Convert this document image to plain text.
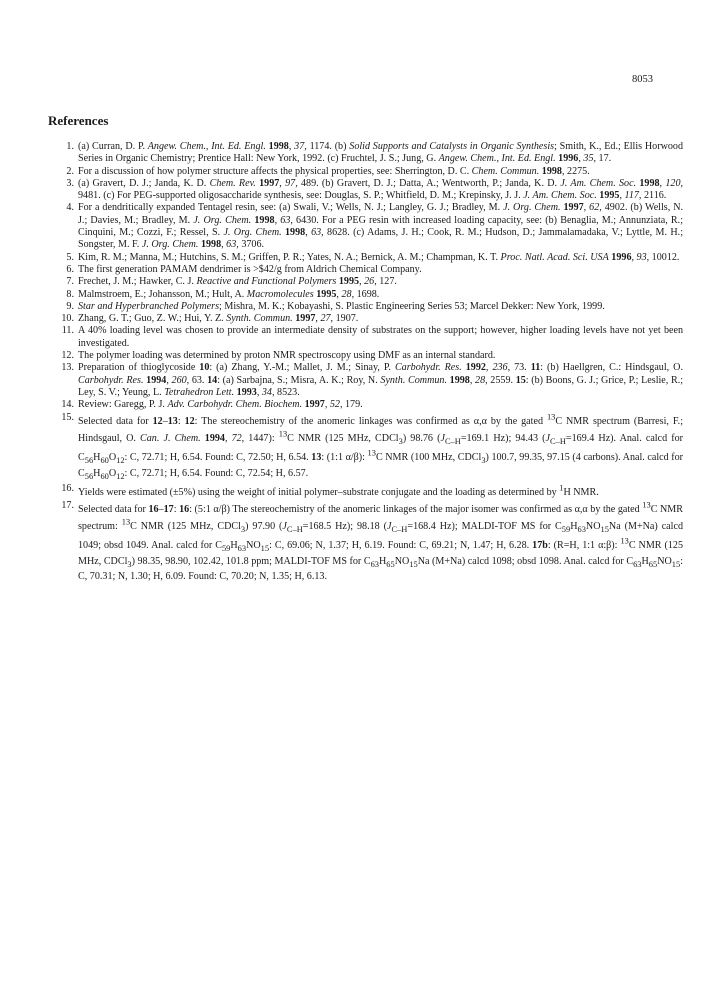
8053
References
1. (a) Curran, D. P. Angew. Chem., Int. Ed. Engl. 1998, 37, 1174. (b) Solid Supports and Catalysts in Organic Synthesis; Smith, K., Ed.; Ellis Horwood Series in Organic Chemistry; Prentice Hall: New York, 1992. (c) Fruchtel, J. S.; Jung, G. Angew. Chem., Int. Ed. Engl. 1996, 35, 17.
2. For a discussion of how polymer structure affects the physical properties, see: Sherrington, D. C. Chem. Commun. 1998, 2275.
3. (a) Gravert, D. J.; Janda, K. D. Chem. Rev. 1997, 97, 489. (b) Gravert, D. J.; Datta, A.; Wentworth, P.; Janda, K. D. J. Am. Chem. Soc. 1998, 120, 9481. (c) For PEG-supported oligosaccharide synthesis, see: Douglas, S. P.; Whitfield, D. M.; Krepinsky, J. J. J. Am. Chem. Soc. 1995, 117, 2116.
4. For a dendritically expanded Tentagel resin, see: (a) Swali, V.; Wells, N. J.; Langley, G. J.; Bradley, M. J. Org. Chem. 1997, 62, 4902. (b) Wells, N. J.; Davies, M.; Bradley, M. J. Org. Chem. 1998, 63, 6430. For a PEG resin with increased loading capacity, see: (b) Benaglia, M.; Annunziata, R.; Cinquini, M.; Cozzi, F.; Ressel, S. J. Org. Chem. 1998, 63, 8628. (c) Adams, J. H.; Cook, R. M.; Hudson, D.; Jammalamadaka, V.; Lyttle, M. H.; Songster, M. F. J. Org. Chem. 1998, 63, 3706.
5. Kim, R. M.; Manna, M.; Hutchins, S. M.; Griffen, P. R.; Yates, N. A.; Bernick, A. M.; Champman, K. T. Proc. Natl. Acad. Sci. USA 1996, 93, 10012.
6. The first generation PAMAM dendrimer is >$42/g from Aldrich Chemical Company.
7. Frechet, J. M.; Hawker, C. J. Reactive and Functional Polymers 1995, 26, 127.
8. Malmstroem, E.; Johansson, M.; Hult, A. Macromolecules 1995, 28, 1698.
9. Star and Hyperbranched Polymers; Mishra, M. K.; Kobayashi, S. Plastic Engineering Series 53; Marcel Dekker: New York, 1999.
10. Zhang, G. T.; Guo, Z. W.; Hui, Y. Z. Synth. Commun. 1997, 27, 1907.
11. A 40% loading level was chosen to provide an intermediate density of substrates on the support; however, higher loading levels have not yet been investigated.
12. The polymer loading was determined by proton NMR spectroscopy using DMF as an internal standard.
13. Preparation of thioglycoside 10: (a) Zhang, Y.-M.; Mallet, J. M.; Sinay, P. Carbohydr. Res. 1992, 236, 73. 11: (b) Haellgren, C.: Hindsgaul, O. Carbohydr. Res. 1994, 260, 63. 14: (a) Sarbajna, S.; Misra, A. K.; Roy, N. Synth. Commun. 1998, 28, 2559. 15: (b) Boons, G. J.; Grice, P.; Leslie, R.; Ley, S. V.; Yeung, L. Tetrahedron Lett. 1993, 34, 8523.
14. Review: Garegg, P. J. Adv. Carbohydr. Chem. Biochem. 1997, 52, 179.
15. Selected data for 12–13: 12: The stereochemistry of the anomeric linkages was confirmed as α,α by the gated $^{13}$C NMR spectrum (Barresi, F.; Hindsgaul, O. Can. J. Chem. 1994, 72, 1447): $^{13}$C NMR (125 MHz, CDCl$_3$) 98.76 ($J_{C-H}=169.1$ Hz); 94.43 ($J_{C-H}=169.4$ Hz). Anal. calcd for $C_{56}H_{60}O_{12}$: C, 72.71; H, 6.54. Found: C, 72.50; H, 6.54. 13: (1:1 α/β): $^{13}$C NMR (100 MHz, CDCl$_3$) 100.7, 99.35, 97.15 (4 carbons). Anal. calcd for $C_{56}H_{60}O_{12}$: C, 72.71; H, 6.54. Found: C, 72.54; H, 6.57.
16. Yields were estimated (±5%) using the weight of initial polymer–substrate conjugate and the loading as determined by $^1$H NMR.
17. Selected data for 16–17: 16: (5:1 α/β) The stereochemistry of the anomeric linkages of the major isomer was confirmed as α,α by the gated $^{13}$C NMR spectrum: $^{13}$C NMR (125 MHz, CDCl$_3$) 97.90 ($J_{C-H}=168.5$ Hz); 98.18 ($J_{C-H}=168.4$ Hz); MALDI-TOF MS for $C_{59}H_{63}NO_{15}Na$ (M+Na) calcd 1049; obsd 1049. Anal. calcd for $C_{59}H_{63}NO_{15}$: C, 69.06; N, 1.37; H, 6.19. Found: C, 69.21; N, 1.47; H, 6.28. 17b: (R=H, 1:1 α:β): $^{13}$C NMR (125 MHz, CDCl$_3$) 98.35, 98.90, 102.42, 101.8 ppm; MALDI-TOF MS for $C_{63}H_{65}NO_{15}Na$ (M+Na) calcd 1098; obsd 1098. Anal. calcd for $C_{63}H_{65}NO_{15}$: C, 70.31; N, 1.30; H, 6.09. Found: C, 70.20; N, 1.35; H, 6.13.
